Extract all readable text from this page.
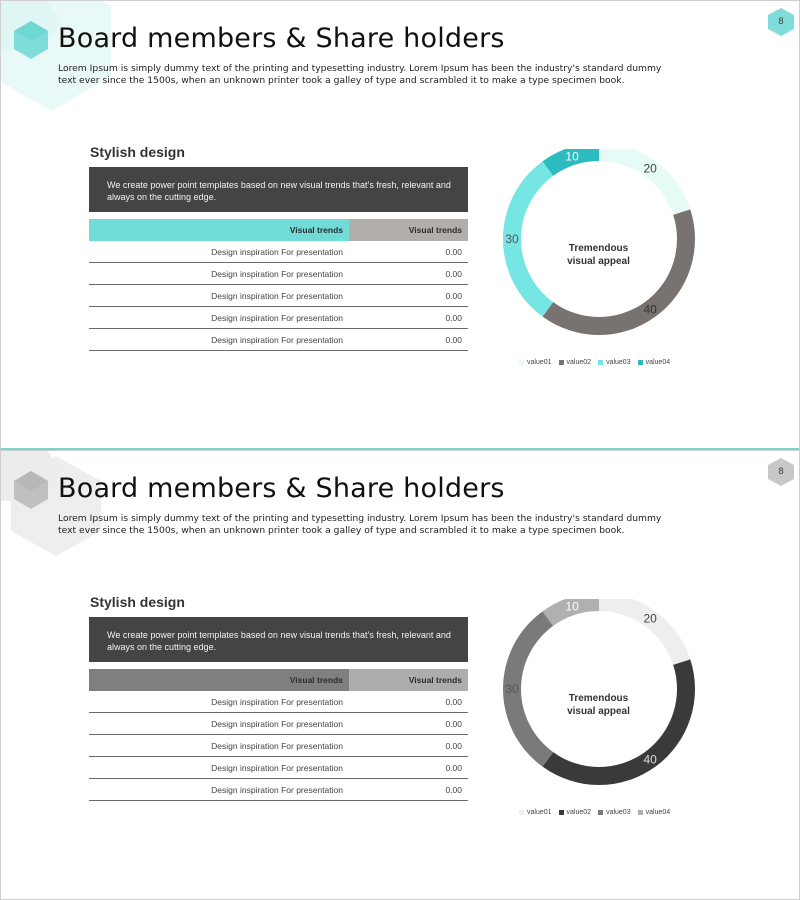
8
Board members & Share holders
Lorem Ipsum is simply dummy text of the printing and typesetting industry. Lorem Ipsum has been the industry's standard dummy text ever since the 1500s, when an unknown printer took a galley of type and scrambled it to make a type specimen book.
Stylish design
We create power point templates based on new visual trends that’s fresh, relevant and always on the cutting edge.
Visual trends	Visual trends
Design inspiration For presentation	0.00
Design inspiration For presentation	0.00
Design inspiration For presentation	0.00
Design inspiration For presentation	0.00
Design inspiration For presentation	0.00
20
40
30
10
Tremendous
visual appeal
value01 value02 value03 value04
8
Board members & Share holders
Lorem Ipsum is simply dummy text of the printing and typesetting industry. Lorem Ipsum has been the industry's standard dummy text ever since the 1500s, when an unknown printer took a galley of type and scrambled it to make a type specimen book.
Stylish design
We create power point templates based on new visual trends that’s fresh, relevant and always on the cutting edge.
Visual trends	Visual trends
Design inspiration For presentation	0.00
Design inspiration For presentation	0.00
Design inspiration For presentation	0.00
Design inspiration For presentation	0.00
Design inspiration For presentation	0.00
20
40
30
10
Tremendous
visual appeal
value01 value02 value03 value04
